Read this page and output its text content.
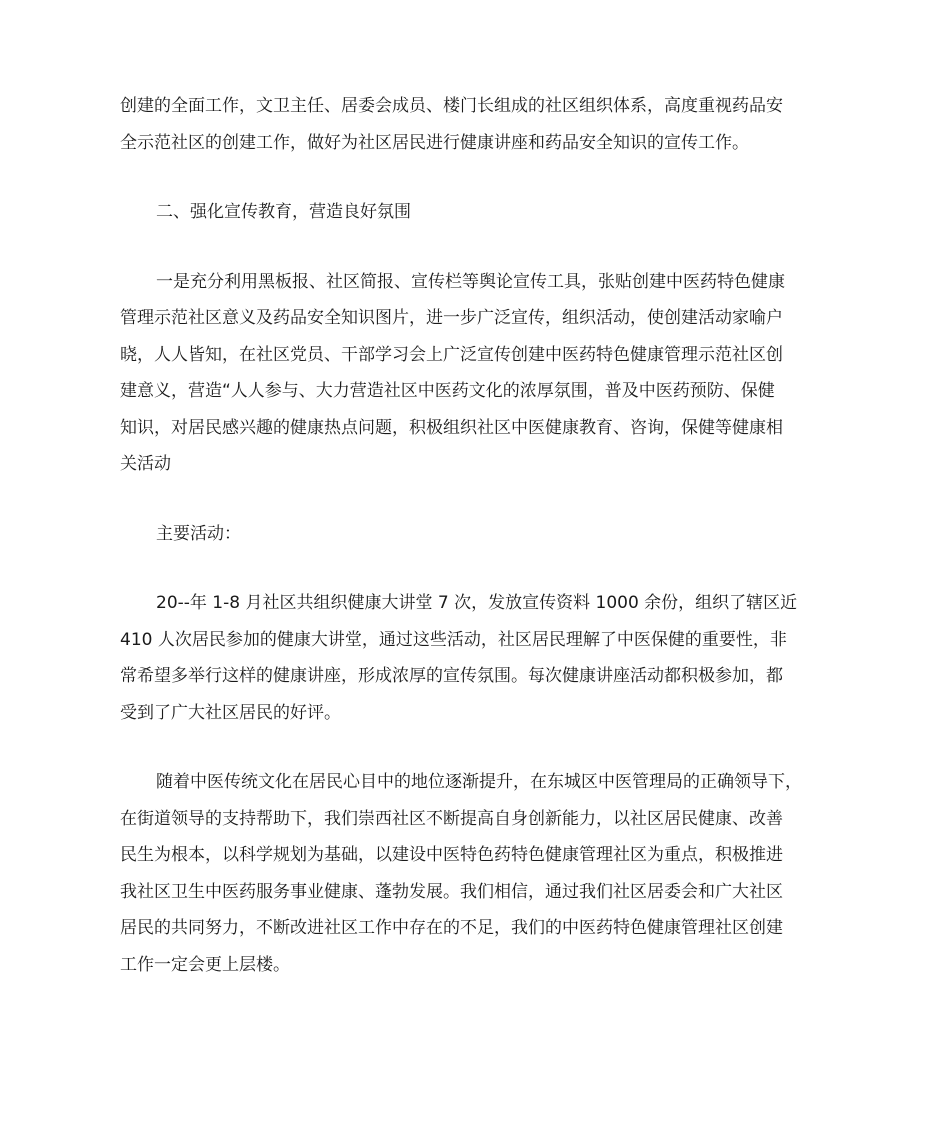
创建的全面工作，文卫主任、居委会成员、楼门长组成的社区组织体系，高度重视药品安
全示范社区的创建工作，做好为社区居民进行健康讲座和药品安全知识的宣传工作。

二、强化宣传教育，营造良好氛围

一是充分利用黑板报、社区简报、宣传栏等舆论宣传工具，张贴创建中医药特色健康
管理示范社区意义及药品安全知识图片，进一步广泛宣传，组织活动，使创建活动家喻户
晓，人人皆知，在社区党员、干部学习会上广泛宣传创建中医药特色健康管理示范社区创
建意义，营造“人人参与、大力营造社区中医药文化的浓厚氛围，普及中医药预防、保健
知识，对居民感兴趣的健康热点问题，积极组织社区中医健康教育、咨询，保健等健康相
关活动

主要活动：

20--年 1-8 月社区共组织健康大讲堂 7 次，发放宣传资料 1000 余份，组织了辖区近
410 人次居民参加的健康大讲堂，通过这些活动，社区居民理解了中医保健的重要性，非
常希望多举行这样的健康讲座，形成浓厚的宣传氛围。每次健康讲座活动都积极参加，都
受到了广大社区居民的好评。

随着中医传统文化在居民心目中的地位逐渐提升，在东城区中医管理局的正确领导下，
在街道领导的支持帮助下，我们崇西社区不断提高自身创新能力，以社区居民健康、改善
民生为根本，以科学规划为基础，以建设中医特色药特色健康管理社区为重点，积极推进
我社区卫生中医药服务事业健康、蓬勃发展。我们相信，通过我们社区居委会和广大社区
居民的共同努力，不断改进社区工作中存在的不足，我们的中医药特色健康管理社区创建
工作一定会更上层楼。
